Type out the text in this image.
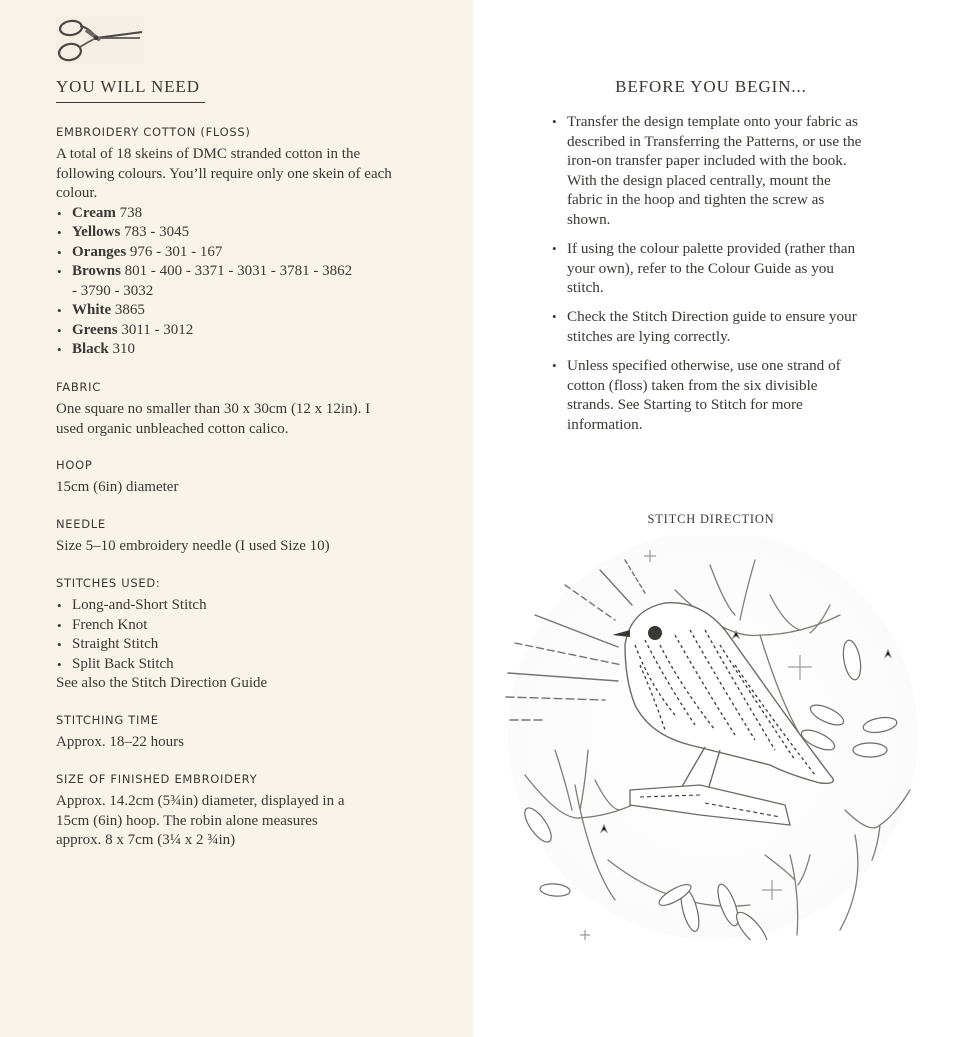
YOU WILL NEED
EMBROIDERY COTTON (FLOSS)

A total of 18 skeins of DMC stranded cotton in the following colours. You’ll require only one skein of each colour.

• Cream 738
• Yellows 783 - 3045
• Oranges 976 - 301 - 167
• Browns 801 - 400 - 3371 - 3031 - 3781 - 3862 - 3790 - 3032
• White 3865
• Greens 3011 - 3012
• Black 310
FABRIC

One square no smaller than 30 x 30cm (12 x 12in). I used organic unbleached cotton calico.

HOOP

15cm (6in) diameter

NEEDLE

Size 5–10 embroidery needle (I used Size 10)

STITCHES USED:
• Long-and-Short Stitch
• French Knot
• Straight Stitch
• Split Back Stitch

See also the Stitch Direction Guide

STITCHING TIME

Approx. 18–22 hours

SIZE OF FINISHED EMBROIDERY

Approx. 14.2cm (5¾in) diameter, displayed in a 15cm (6in) hoop. The robin alone measures approx. 8 x 7cm (3¼ x 2 ¾in)

BEFORE YOU BEGIN...
• Transfer the design template onto your fabric as described in Transferring the Patterns, or use the iron-on transfer paper included with the book. With the design placed centrally, mount the fabric in the hoop and tighten the screw as shown.
• If using the colour palette provided (rather than your own), refer to the Colour Guide as you stitch.
• Check the Stitch Direction guide to ensure your stitches are lying correctly.
• Unless specified otherwise, use one strand of cotton (floss) taken from the six divisible strands. See Starting to Stitch for more information.
STITCH DIRECTION
